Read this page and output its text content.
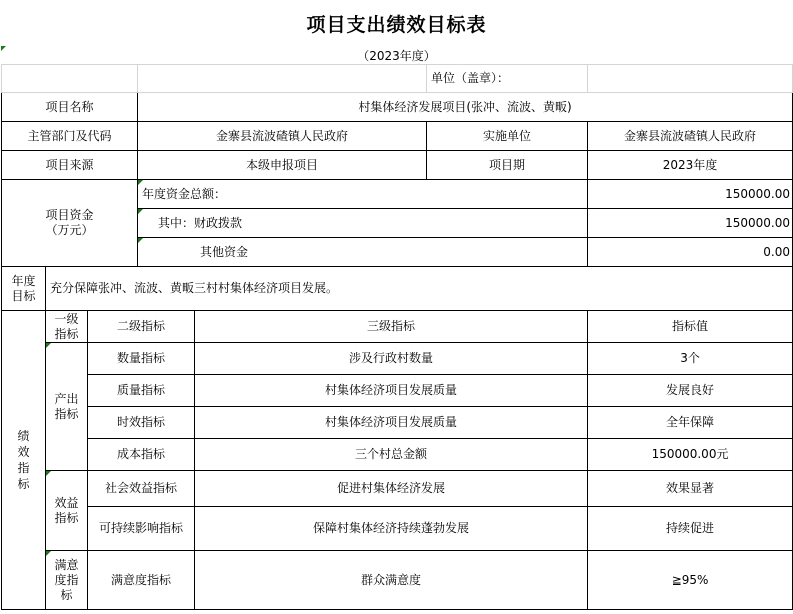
项目支出绩效目标表
（2023年度）
					单位（盖章）：	
项目名称			村集体经济发展项目(张冲、流波、黄畈)			
主管部门及代码			金寨县流波碴镇人民政府		实施单位	金寨县流波碴镇人民政府
项目来源			本级申报项目		项目期	2023年度
项目资金（万元）			年度资金总额：			150000.00

其中：财政拨款			150000.00

其他资金			0.00
年度目标	充分保障张冲、流波、黄畈三村村集体经济项目发展。					
绩效指标	一级指标	二级指标		三级指标		指标值

产出指标	数量指标		涉及行政村数量		3个
		质量指标		村集体经济项目发展质量		发展良好
		时效指标		村集体经济项目发展质量		全年保障
		成本指标		三个村总金额		150000.00元

效益指标	社会效益指标		促进村集体经济发展		效果显著
		可持续影响指标		保障村集体经济持续蓬勃发展		持续促进

满意度指标	满意度指标		群众满意度		≧95%
